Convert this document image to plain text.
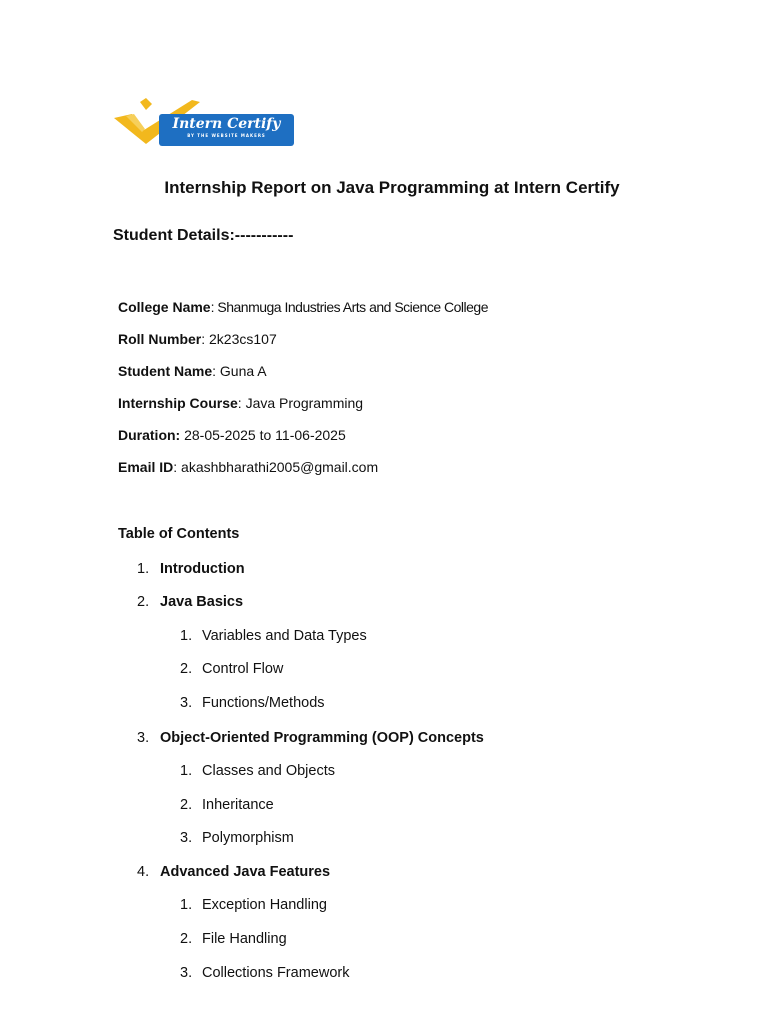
Intern Certify
BY THE WEBSITE MAKERS
Internship Report on Java Programming at Intern Certify
Student Details:-----------
College Name: Shanmuga Industries Arts and Science College
Roll Number: 2k23cs107
Student Name: Guna A
Internship Course: Java Programming
Duration: 28-05-2025 to 11-06-2025
Email ID: akashbharathi2005@gmail.com
Table of Contents
1. Introduction
2. Java Basics
1. Variables and Data Types
2. Control Flow
3. Functions/Methods
3. Object-Oriented Programming (OOP) Concepts
1. Classes and Objects
2. Inheritance
3. Polymorphism
4. Advanced Java Features
1. Exception Handling
2. File Handling
3. Collections Framework
